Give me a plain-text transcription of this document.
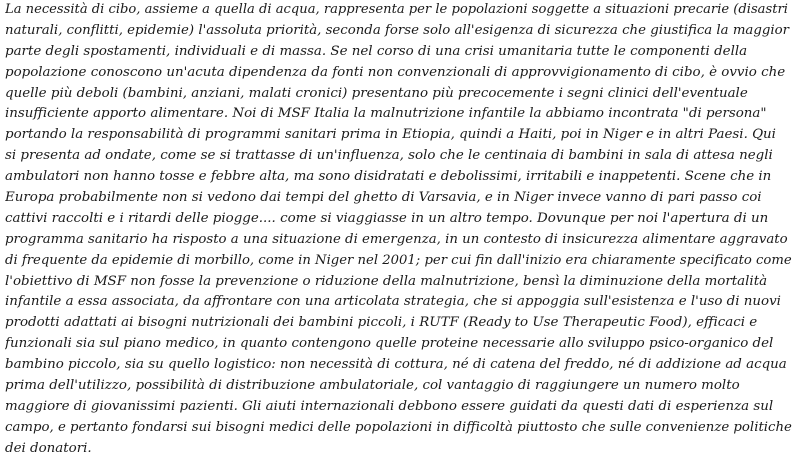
La necessità di cibo, assieme a quella di acqua, rappresenta per le popolazioni soggette a situazioni precarie (disastri
naturali, conflitti, epidemie) l'assoluta priorità, seconda forse solo all'esigenza di sicurezza che giustifica la maggior
parte degli spostamenti, individuali e di massa. Se nel corso di una crisi umanitaria tutte le componenti della
popolazione conoscono un'acuta dipendenza da fonti non convenzionali di approvvigionamento di cibo, è ovvio che
quelle più deboli (bambini, anziani, malati cronici) presentano più precocemente i segni clinici dell'eventuale
insufficiente apporto alimentare. Noi di MSF Italia la malnutrizione infantile la abbiamo incontrata "di persona"
portando la responsabilità di programmi sanitari prima in Etiopia, quindi a Haiti, poi in Niger e in altri Paesi. Qui
si presenta ad ondate, come se si trattasse di un'influenza, solo che le centinaia di bambini in sala di attesa negli
ambulatori non hanno tosse e febbre alta, ma sono disidratati e debolissimi, irritabili e inappetenti. Scene che in
Europa probabilmente non si vedono dai tempi del ghetto di Varsavia, e in Niger invece vanno di pari passo coi
cattivi raccolti e i ritardi delle piogge.... come si viaggiasse in un altro tempo. Dovunque per noi l'apertura di un
programma sanitario ha risposto a una situazione di emergenza, in un contesto di insicurezza alimentare aggravato
di frequente da epidemie di morbillo, come in Niger nel 2001; per cui fin dall'inizio era chiaramente specificato come
l'obiettivo di MSF non fosse la prevenzione o riduzione della malnutrizione, bensì la diminuzione della mortalità
infantile a essa associata, da affrontare con una articolata strategia, che si appoggia sull'esistenza e l'uso di nuovi
prodotti adattati ai bisogni nutrizionali dei bambini piccoli, i RUTF (Ready to Use Therapeutic Food), efficaci e
funzionali sia sul piano medico, in quanto contengono quelle proteine necessarie allo sviluppo psico-organico del
bambino piccolo, sia su quello logistico: non necessità di cottura, né di catena del freddo, né di addizione ad acqua
prima dell'utilizzo, possibilità di distribuzione ambulatoriale, col vantaggio di raggiungere un numero molto
maggiore di giovanissimi pazienti. Gli aiuti internazionali debbono essere guidati da questi dati di esperienza sul
campo, e pertanto fondarsi sui bisogni medici delle popolazioni in difficoltà piuttosto che sulle convenienze politiche
dei donatori.
